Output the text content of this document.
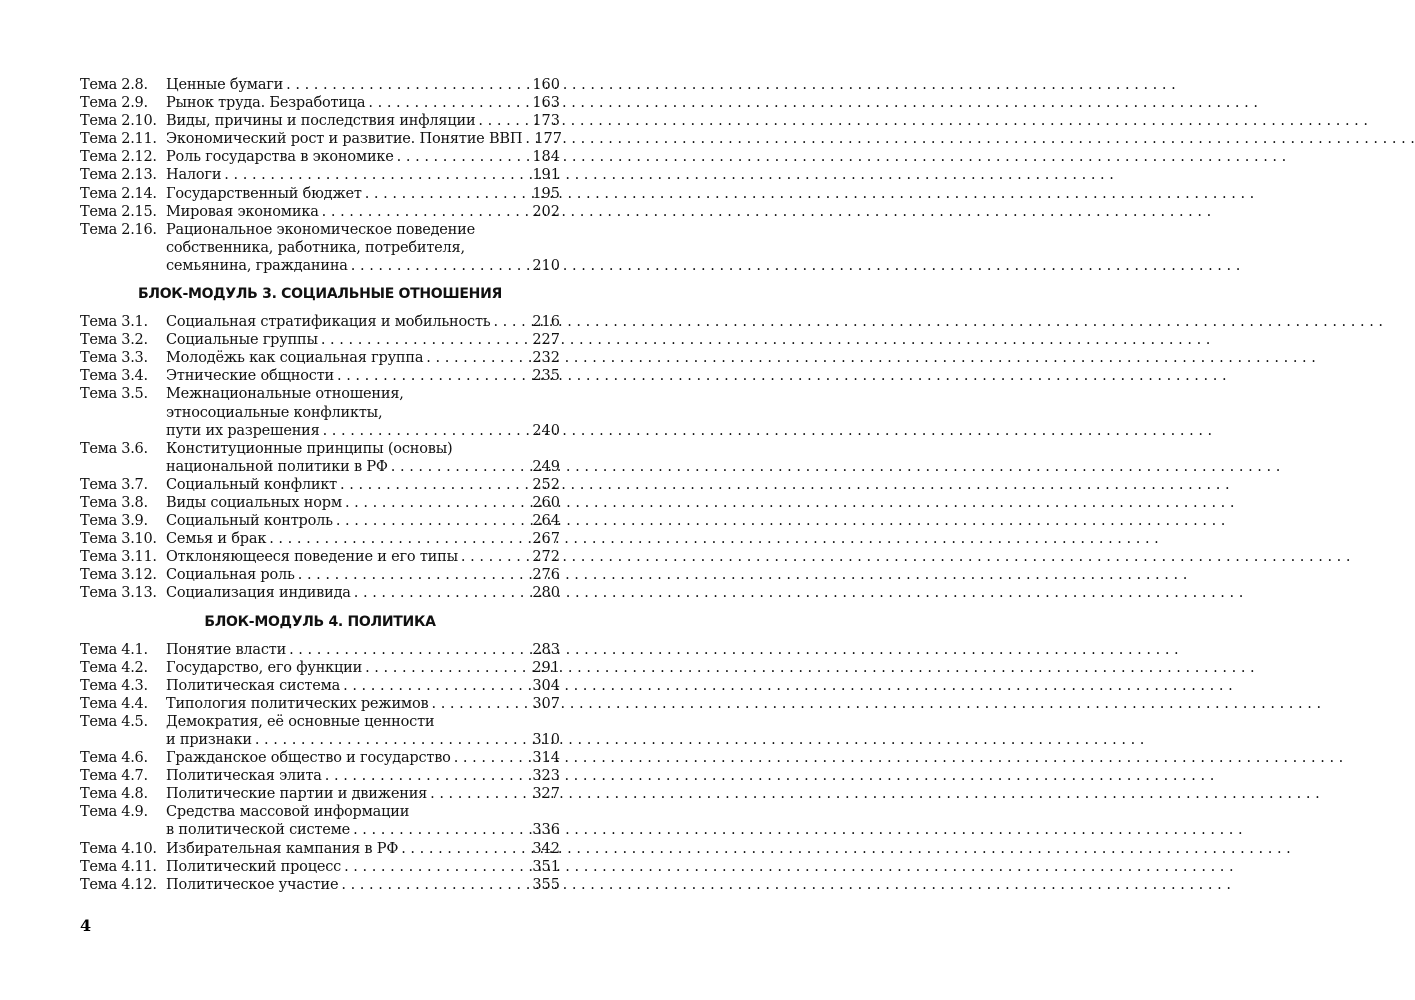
Тема 2.8.	Ценные бумаги . . .	160
Тема 2.9.	Рынок труда. Безработица . . .	163
Тема 2.10. Виды, причины и последствия инфляции . . .	173
Тема 2.11. Экономический рост и развитие. Понятие ВВП . . . 177
Тема 2.12. Роль государства в экономике . . .	184
Тема 2.13. Налоги . . .	191
Тема 2.14. Государственный бюджет . . .	195
Тема 2.15. Мировая экономика . . .	202
Тема 2.16. Рациональное экономическое поведение
собственника, работника, потребителя,
семьянина, гражданина . . .	210
БЛОК-МОДУЛЬ 3. СОЦИАЛЬНЫЕ ОТНОШЕНИЯ
Тема 3.1.	Социальная стратификация и мобильность . . .	216
Тема 3.2.	Социальные группы . . .	227
Тема 3.3.	Молодёжь как социальная группа . . .	232
Тема 3.4.	Этнические общности . . .	235
Тема 3.5.	Межнациональные отношения,
этносоциальные конфликты,
пути их разрешения . . .	240
Тема 3.6.	Конституционные принципы (основы)
национальной политики в РФ . . .	249
Тема 3.7.	Социальный конфликт . . .	252
Тема 3.8.	Виды социальных норм . . .	260
Тема 3.9.	Социальный контроль . . .	264
Тема 3.10. Семья и брак . . .	267
Тема 3.11. Отклоняющееся поведение и его типы . . .	272
Тема 3.12. Социальная роль . . .	276
Тема 3.13. Социализация индивида . . .	280
БЛОК-МОДУЛЬ 4. ПОЛИТИКА
Тема 4.1.	Понятие власти . . .	283
Тема 4.2.	Государство, его функции . . .	291
Тема 4.3.	Политическая система . . .	304
Тема 4.4.	Типология политических режимов . . .	307
Тема 4.5.	Демократия, её основные ценности
и признаки . . .	310
Тема 4.6.	Гражданское общество и государство . . .	314
Тема 4.7.	Политическая элита . . .	323
Тема 4.8.	Политические партии и движения . . .	327
Тема 4.9.	Средства массовой информации
в политической системе . . .	336
Тема 4.10. Избирательная кампания в РФ . . .	342
Тема 4.11. Политический процесс . . .	351
Тема 4.12. Политическое участие . . .	355
4
